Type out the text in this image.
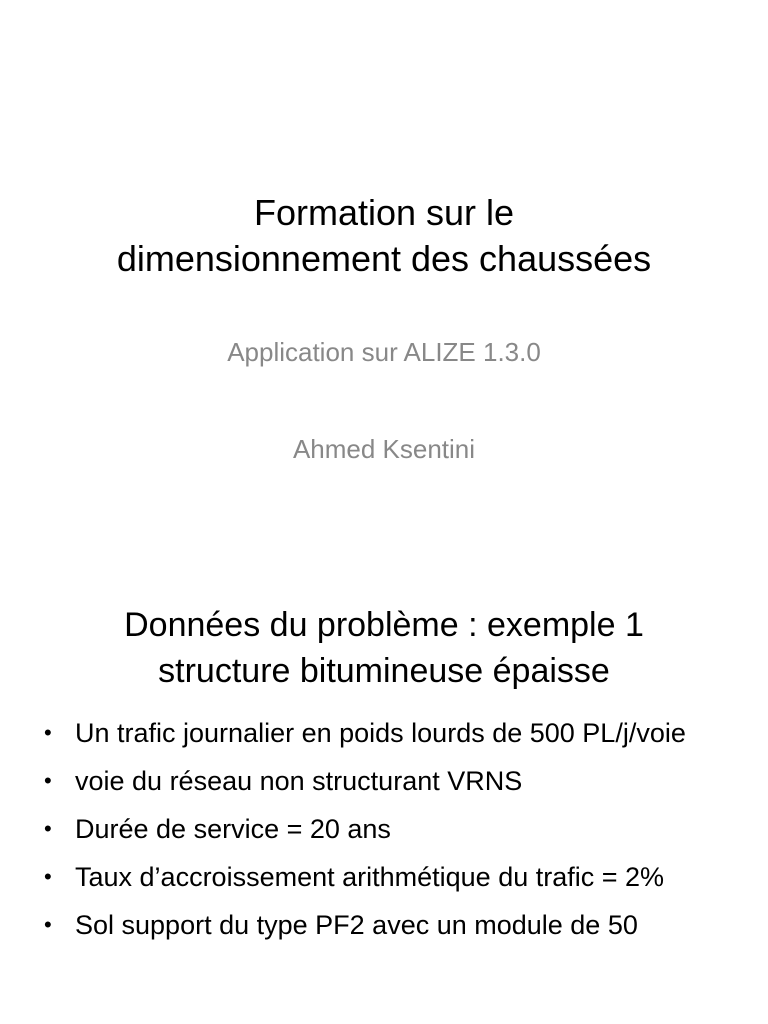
Formation sur le
dimensionnement des chaussées
Application sur ALIZE 1.3.0
Ahmed Ksentini
Données du problème : exemple 1
structure bitumineuse épaisse
• Un trafic journalier en poids lourds de 500 PL/j/voie
• voie du réseau non structurant VRNS
• Durée de service = 20 ans
• Taux d’accroissement arithmétique du trafic = 2%
• Sol support du type PF2 avec un module de 50
